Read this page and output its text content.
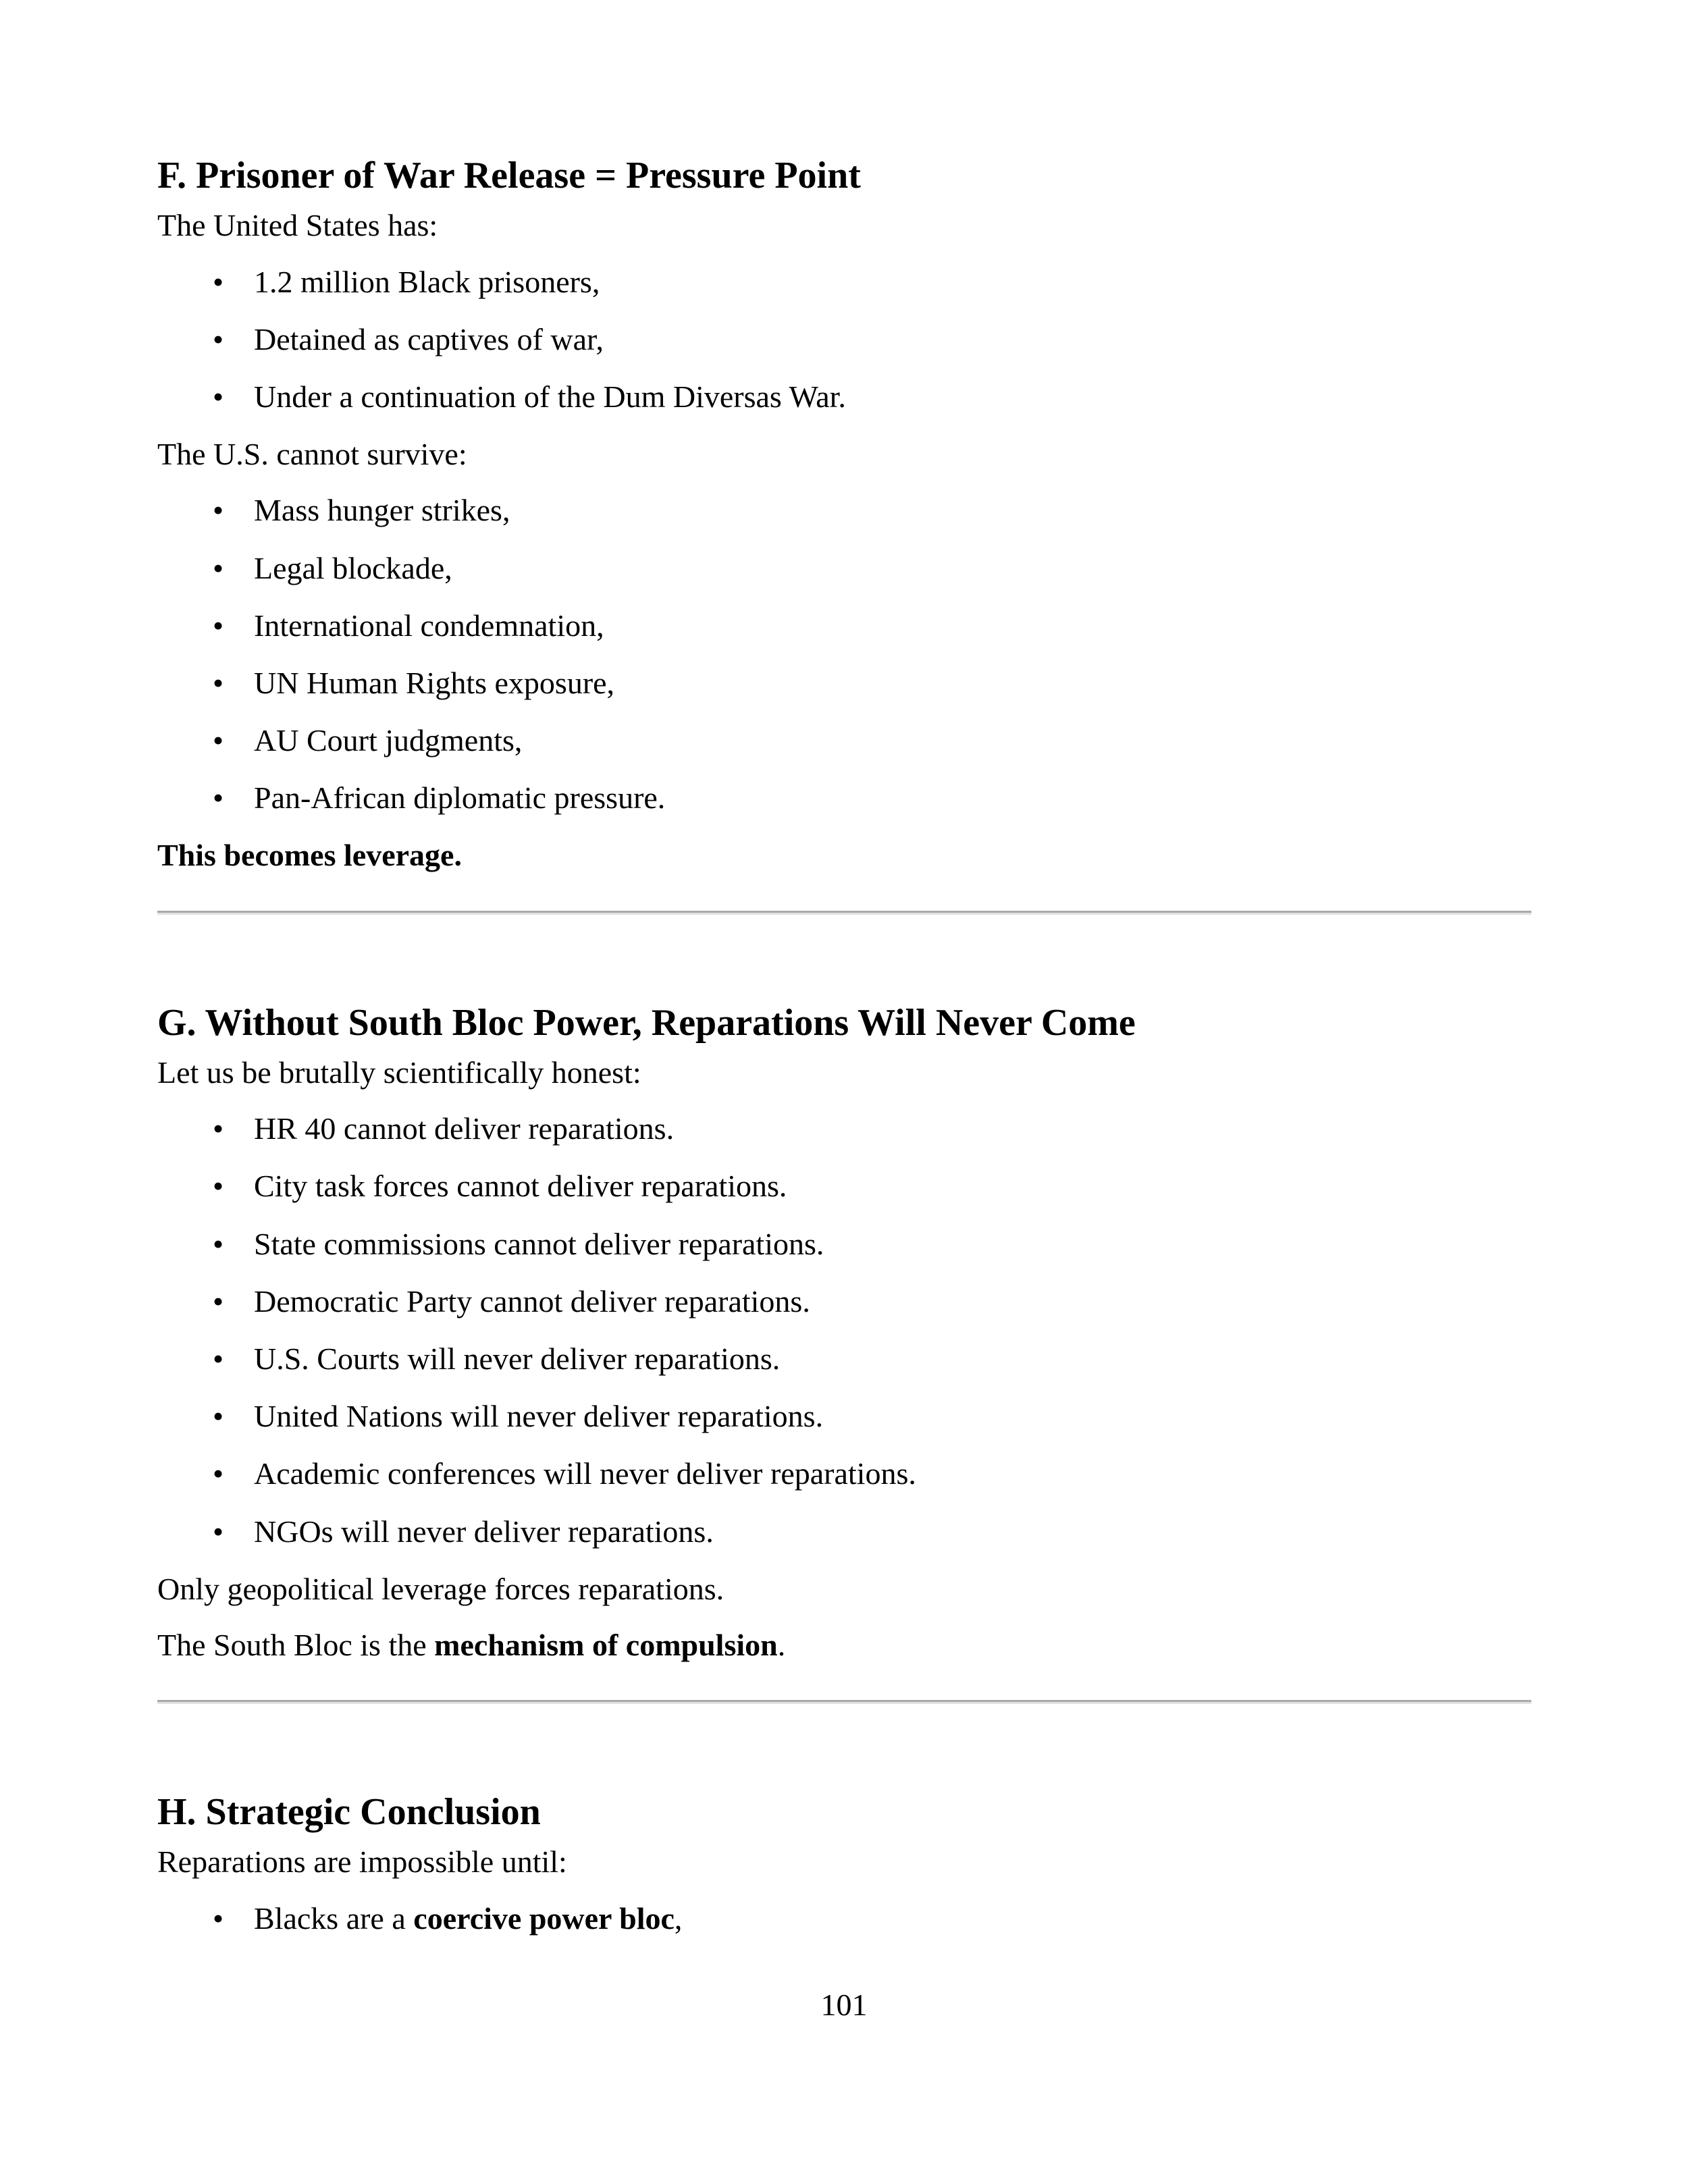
F. Prisoner of War Release = Pressure Point
The United States has:
• 1.2 million Black prisoners,
• Detained as captives of war,
• Under a continuation of the Dum Diversas War.
The U.S. cannot survive:
• Mass hunger strikes,
• Legal blockade,
• International condemnation,
• UN Human Rights exposure,
• AU Court judgments,
• Pan-African diplomatic pressure.
This becomes leverage.
G. Without South Bloc Power, Reparations Will Never Come
Let us be brutally scientifically honest:
• HR 40 cannot deliver reparations.
• City task forces cannot deliver reparations.
• State commissions cannot deliver reparations.
• Democratic Party cannot deliver reparations.
• U.S. Courts will never deliver reparations.
• United Nations will never deliver reparations.
• Academic conferences will never deliver reparations.
• NGOs will never deliver reparations.
Only geopolitical leverage forces reparations.
The South Bloc is the mechanism of compulsion.
H. Strategic Conclusion
Reparations are impossible until:
• Blacks are a coercive power bloc,
101
